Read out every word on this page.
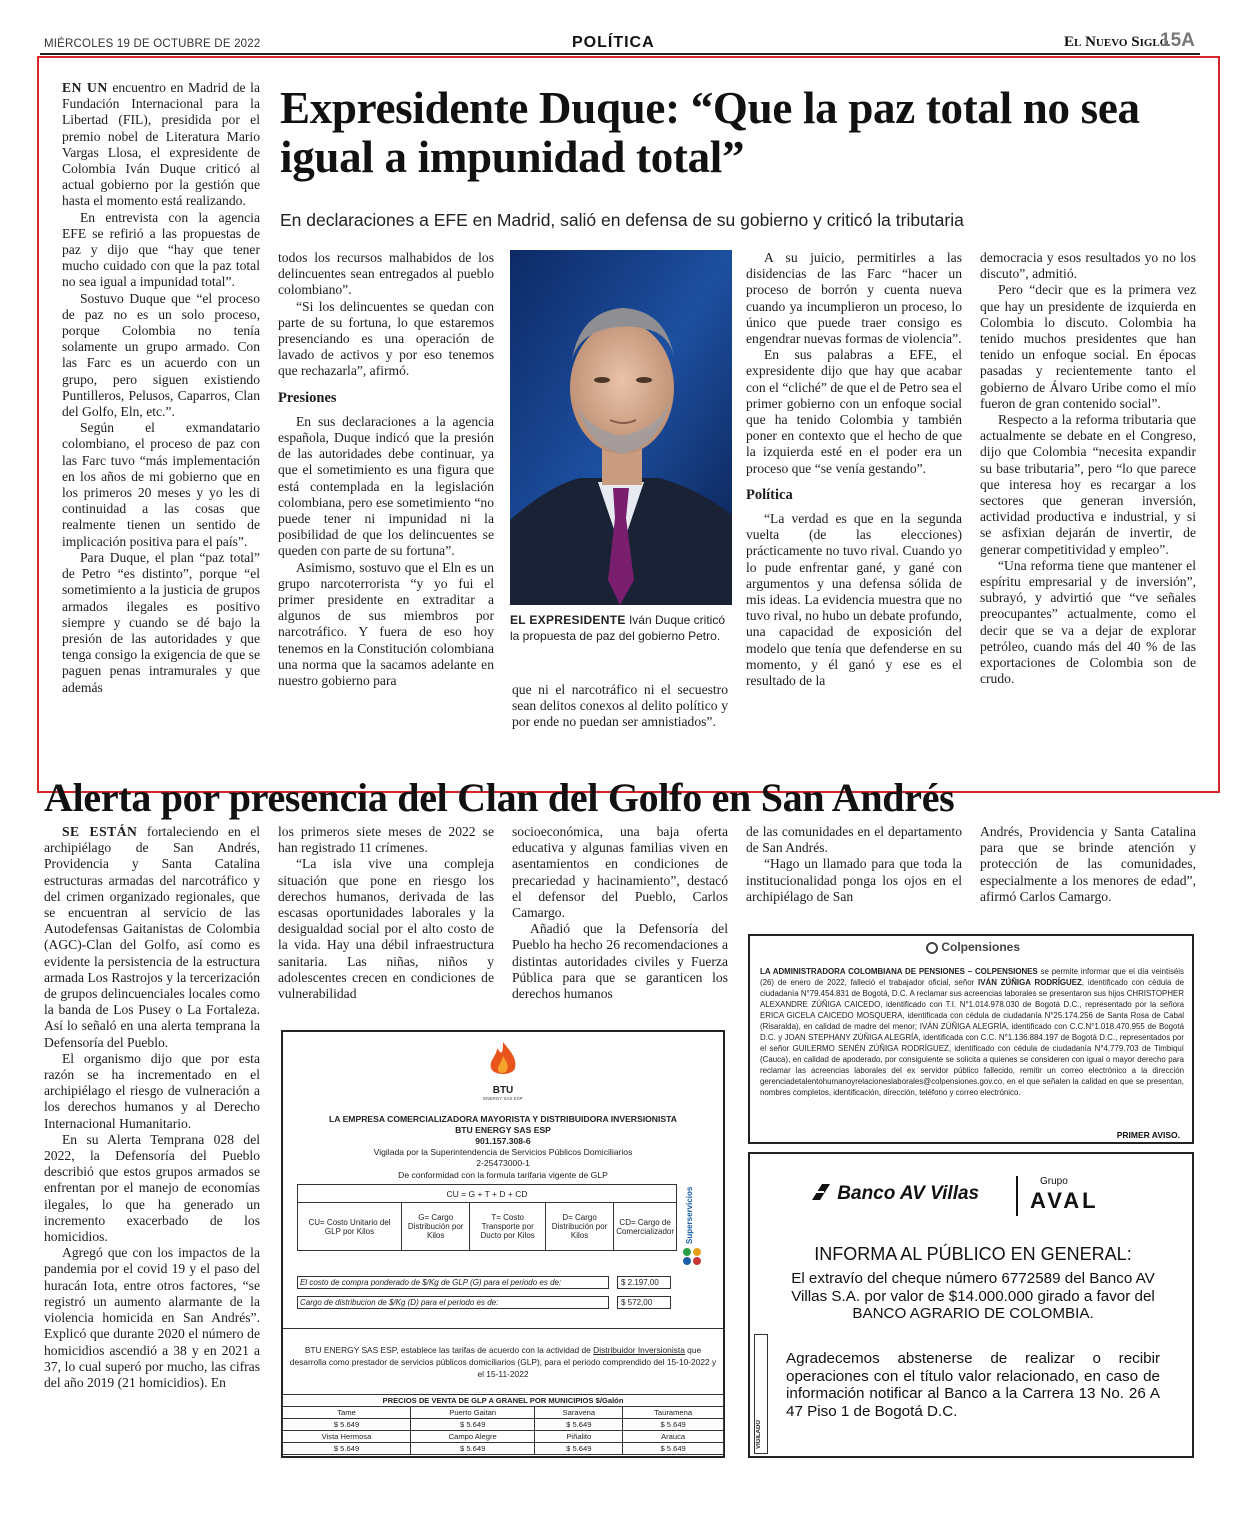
MIÉRCOLES 19 DE OCTUBRE DE 2022	POLÍTICA	El Nuevo Siglo
15A

EN UN encuentro en Madrid de la Fundación Internacional para la Libertad (FIL), presidida por el premio nobel de Literatura Mario Vargas Llosa, el expresidente de Colombia Iván Duque criticó al actual gobierno por la gestión que hasta el momento está realizando.

En entrevista con la agencia EFE se refirió a las propuestas de paz y dijo que “hay que tener mucho cuidado con que la paz total no sea igual a impunidad total”.

Sostuvo Duque que “el proceso de paz no es un solo proceso, porque Colombia no tenía solamente un grupo armado. Con las Farc es un acuerdo con un grupo, pero siguen existiendo Puntilleros, Pelusos, Caparros, Clan del Golfo, Eln, etc.”.

Según el exmandatario colombiano, el proceso de paz con las Farc tuvo “más implementación en los años de mi gobierno que en los primeros 20 meses y yo les di continuidad a las cosas que realmente tienen un sentido de implicación positiva para el país”.

Para Duque, el plan “paz total” de Petro “es distinto”, porque “el sometimiento a la justicia de grupos armados ilegales es positivo siempre y cuando se dé bajo la presión de las autoridades y que tenga consigo la exigencia de que se paguen penas intramurales y que además

Expresidente Duque: “Que la paz total no sea igual a impunidad total”
En declaraciones a EFE en Madrid, salió en defensa de su gobierno y criticó la tributaria

todos los recursos malhabidos de los delincuentes sean entregados al pueblo colombiano”.

“Si los delincuentes se quedan con parte de su fortuna, lo que estaremos presenciando es una operación de lavado de activos y por eso tenemos que rechazarla”, afirmó.

Presiones

En sus declaraciones a la agencia española, Duque indicó que la presión de las autoridades debe continuar, ya que el sometimiento es una figura que está contemplada en la legislación colombiana, pero ese sometimiento “no puede tener ni impunidad ni la posibilidad de que los delincuentes se queden con parte de su fortuna”.

Asimismo, sostuvo que el Eln es un grupo narcoterrorista “y yo fui el primer presidente en extraditar a algunos de sus miembros por narcotráfico. Y fuera de eso hoy tenemos en la Constitución colombiana una norma que la sacamos adelante en nuestro gobierno para

EL EXPRESIDENTE Iván Duque criticó la propuesta de paz del gobierno Petro.

que ni el narcotráfico ni el secuestro sean delitos conexos al delito político y por ende no puedan ser amnistiados”.

A su juicio, permitirles a las disidencias de las Farc “hacer un proceso de borrón y cuenta nueva cuando ya incumplieron un proceso, lo único que puede traer consigo es engendrar nuevas formas de violencia”.

En sus palabras a EFE, el expresidente dijo que hay que acabar con el “cliché” de que el de Petro sea el primer gobierno con un enfoque social que ha tenido Colombia y también poner en contexto que el hecho de que la izquierda esté en el poder era un proceso que “se venía gestando”.

Política

“La verdad es que en la segunda vuelta (de las elecciones) prácticamente no tuvo rival. Cuando yo lo pude enfrentar gané, y gané con argumentos y una defensa sólida de mis ideas. La evidencia muestra que no tuvo rival, no hubo un debate profundo, una capacidad de exposición del modelo que tenía que defenderse en su momento, y él ganó y ese es el resultado de la

democracia y esos resultados yo no los discuto”, admitió.

Pero “decir que es la primera vez que hay un presidente de izquierda en Colombia lo discuto. Colombia ha tenido muchos presidentes que han tenido un enfoque social. En épocas pasadas y recientemente tanto el gobierno de Álvaro Uribe como el mío fueron de gran contenido social”.

Respecto a la reforma tributaria que actualmente se debate en el Congreso, dijo que Colombia “necesita expandir su base tributaria”, pero “lo que parece que interesa hoy es recargar a los sectores que generan inversión, actividad productiva e industrial, y si se asfixian dejarán de invertir, de generar competitividad y empleo”.

“Una reforma tiene que mantener el espíritu empresarial y de inversión”, subrayó, y advirtió que “ve señales preocupantes” actualmente, como el decir que se va a dejar de explorar petróleo, cuando más del 40 % de las exportaciones de Colombia son de crudo.

Alerta por presencia del Clan del Golfo en San Andrés

SE ESTÁN fortaleciendo en el archipiélago de San Andrés, Providencia y Santa Catalina estructuras armadas del narcotráfico y del crimen organizado regionales, que se encuentran al servicio de las Autodefensas Gaitanistas de Colombia (AGC)-Clan del Golfo, así como es evidente la persistencia de la estructura armada Los Rastrojos y la tercerización de grupos delincuenciales locales como la banda de Los Pusey o La Fortaleza. Así lo señaló en una alerta temprana la Defensoría del Pueblo.

El organismo dijo que por esta razón se ha incrementado en el archipiélago el riesgo de vulneración a los derechos humanos y al Derecho Internacional Humanitario.

En su Alerta Temprana 028 del 2022, la Defensoría del Pueblo describió que estos grupos armados se enfrentan por el manejo de economías ilegales, lo que ha generado un incremento exacerbado de los homicidios.

Agregó que con los impactos de la pandemia por el covid 19 y el paso del huracán Iota, entre otros factores, “se registró un aumento alarmante de la violencia homicida en San Andrés”. Explicó que durante 2020 el número de homicidios ascendió a 38 y en 2021 a 37, lo cual superó por mucho, las cifras del año 2019 (21 homicidios). En

los primeros siete meses de 2022 se han registrado 11 crímenes.

“La isla vive una compleja situación que pone en riesgo los derechos humanos, derivada de las escasas oportunidades laborales y la desigualdad social por el alto costo de la vida. Hay una débil infraestructura sanitaria. Las niñas, niños y adolescentes crecen en condiciones de vulnerabilidad

socioeconómica, una baja oferta educativa y algunas familias viven en asentamientos en condiciones de precariedad y hacinamiento”, destacó el defensor del Pueblo, Carlos Camargo.

Añadió que la Defensoría del Pueblo ha hecho 26 recomendaciones a distintas autoridades civiles y Fuerza Pública para que se garanticen los derechos humanos

de las comunidades en el departamento de San Andrés.

“Hago un llamado para que toda la institucionalidad ponga los ojos en el archipiélago de San

Andrés, Providencia y Santa Catalina para que se brinde atención y protección de las comunidades, especialmente a los menores de edad”, afirmó Carlos Camargo.

BTU
ENERGY SAS ESP
LA EMPRESA COMERCIALIZADORA MAYORISTA Y DISTRIBUIDORA INVERSIONISTA
BTU ENERGY SAS ESP
901.157.308-6
Vigilada por la Superintendencia de Servicios Públicos Domiciliarios
2-25473000-1
De conformidad con la formula tarifaria vigente de GLP
CU = G + T + D + CD
CU= Costo Unitario del GLP por Kilos	G= Cargo Distribución por Kilos	T= Costo Transporte por Ducto por Kilos	D= Cargo Distribución por Kilos	CD= Cargo de Comercializador Superservicios
El costo de compra ponderado de $/Kg de GLP (G) para el periodo es de:	$ 2.197,00
Cargo de distribucion de $/Kg (D) para el periodo es de:	$ 572,00
BTU ENERGY SAS ESP, establece las tarifas de acuerdo con la actividad de Distribuidor Inversionista que desarrolla como prestador de servicios públicos domiciliarios (GLP), para el periodo comprendido del 15-10-2022 y el 15-11-2022
PRECIOS DE VENTA DE GLP A GRANEL POR MUNICIPIOS $/Galón			
Tame	Puerto Gaitan	Saravena	Tauramena
$ 5.649	$ 5.649	$ 5.649	$ 5.649
Vista Hermosa	Campo Alegre	Piñalito	Arauca
$ 5.649	$ 5.649	$ 5.649	$ 5.649
Colpensiones
LA ADMINISTRADORA COLOMBIANA DE PENSIONES – COLPENSIONES se permite informar que el día veintiséis (26) de enero de 2022, falleció el trabajador oficial, señor IVÁN ZÚÑIGA RODRÍGUEZ, identificado con cédula de ciudadanía N°79.454.831 de Bogotá, D.C. A reclamar sus acreencias laborales se presentaron sus hijos CHRISTOPHER ALEXANDRE ZÚÑIGA CAICEDO, identificado con T.I. N°1.014.978.030 de Bogotá D.C., representado por la señora ERICA GICELA CAICEDO MOSQUERA, identificada con cédula de ciudadanía N°25.174.256 de Santa Rosa de Cabal (Risaralda), en calidad de madre del menor; IVÁN ZÚÑIGA ALEGRÍA, identificado con C.C.N°1.018.470.955 de Bogotá D.C. y JOAN STEPHANY ZÚÑIGA ALEGRÍA, identificada con C.C. N°1.136.884.197 de Bogotá D.C., representados por el señor GUILERMO SENÉN ZÚÑIGA RODRÍGUEZ, identificado con cédula de ciudadanía N°4.779.703 de Timbiquí (Cauca), en calidad de apoderado, por consiguiente se solicita a quienes se consideren con igual o mayor derecho para reclamar las acreencias laborales del ex servidor público fallecido, remitir un correo electrónico a la dirección gerenciadetalentohumanoyrelacioneslaborales@colpensiones.gov.co, en el que señalen la calidad en que se presentan, nombres completos, identificación, dirección, teléfono y correo electrónico.
PRIMER AVISO.
Banco AV Villas
Grupo
AVAL
INFORMA AL PÚBLICO EN GENERAL:
El extravío del cheque número 6772589 del Banco AV Villas S.A. por valor de $14.000.000 girado a favor del BANCO AGRARIO DE COLOMBIA.
Agradecemos abstenerse de realizar o recibir operaciones con el título valor relacionado, en caso de información notificar al Banco a la Carrera 13 No. 26 A 47 Piso 1 de Bogotá D.C.
VIGILADO
